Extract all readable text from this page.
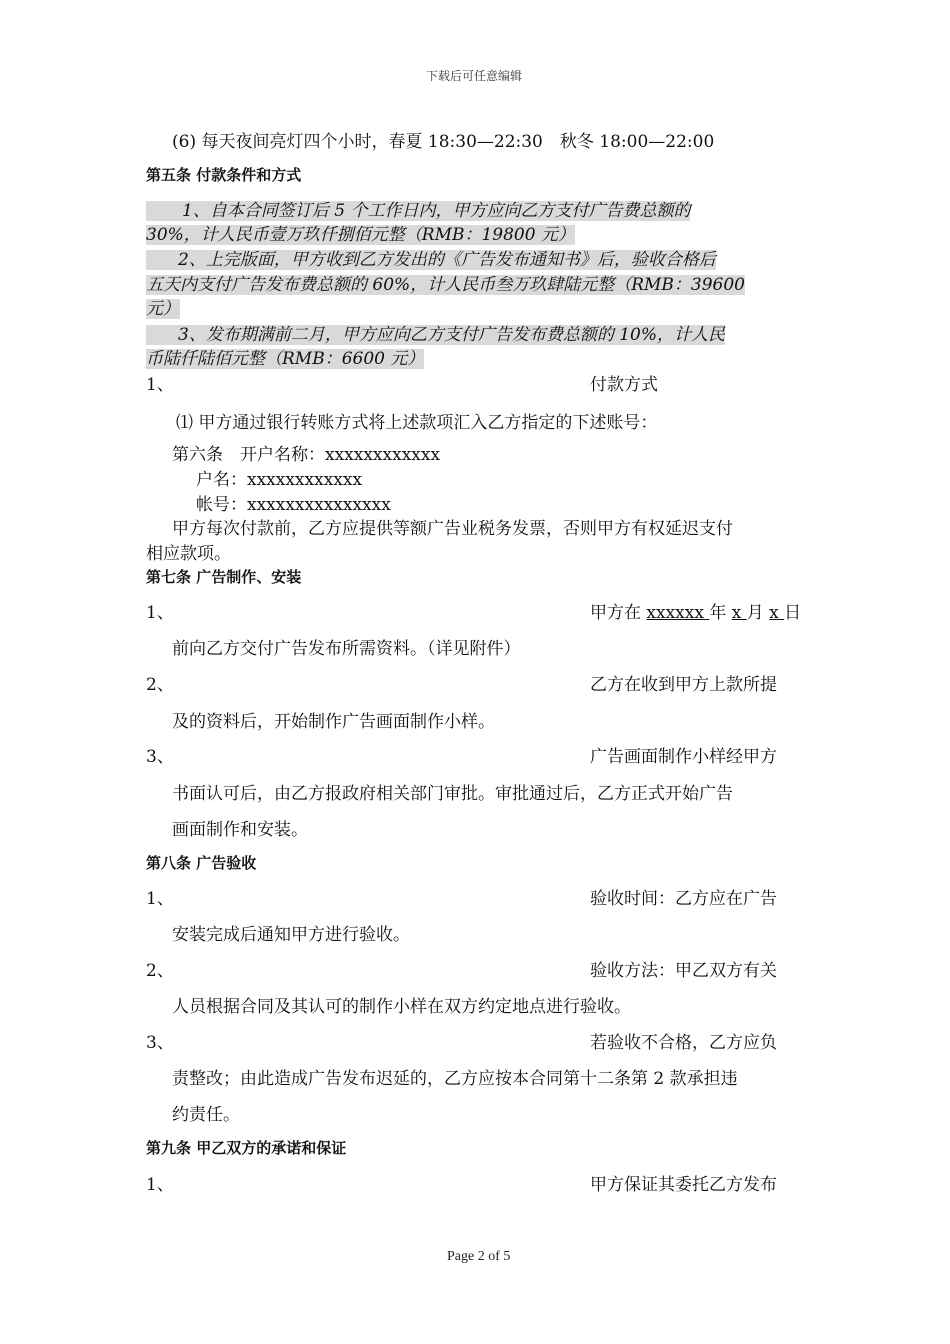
下载后可任意编辑
(6) 每天夜间亮灯四个小时，春夏 18:30—22:30　秋冬 18:00—22:00
第五条 付款条件和方式
1、自本合同签订后 5 个工作日内，甲方应向乙方支付广告费总额的
30%，计人民币壹万玖仟捌佰元整（RMB：19800 元）
2、上完版面，甲方收到乙方发出的《广告发布通知书》后，验收合格后
五天内支付广告发布费总额的 60%，计人民币叁万玖肆陆元整（RMB：39600
元）
3、发布期满前二月，甲方应向乙方支付广告发布费总额的 10%，计人民
币陆仟陆佰元整（RMB：6600 元）
1、	付款方式
⑴ 甲方通过银行转账方式将上述款项汇入乙方指定的下述账号：
第六条　开户名称：xxxxxxxxxxxx
户名：xxxxxxxxxxxx
帐号：xxxxxxxxxxxxxxx
甲方每次付款前，乙方应提供等额广告业税务发票，否则甲方有权延迟支付
相应款项。
第七条 广告制作、安装
1、	甲方在 xxxxxx 年 x 月 x 日
前向乙方交付广告发布所需资料。（详见附件）
2、	乙方在收到甲方上款所提
及的资料后，开始制作广告画面制作小样。
3、	广告画面制作小样经甲方
书面认可后，由乙方报政府相关部门审批。审批通过后，乙方正式开始广告
画面制作和安装。
第八条 广告验收
1、	验收时间：乙方应在广告
安装完成后通知甲方进行验收。
2、	验收方法：甲乙双方有关
人员根据合同及其认可的制作小样在双方约定地点进行验收。
3、	若验收不合格，乙方应负
责整改；由此造成广告发布迟延的，乙方应按本合同第十二条第 2 款承担违
约责任。
第九条 甲乙双方的承诺和保证
1、	甲方保证其委托乙方发布
Page 2 of 5
